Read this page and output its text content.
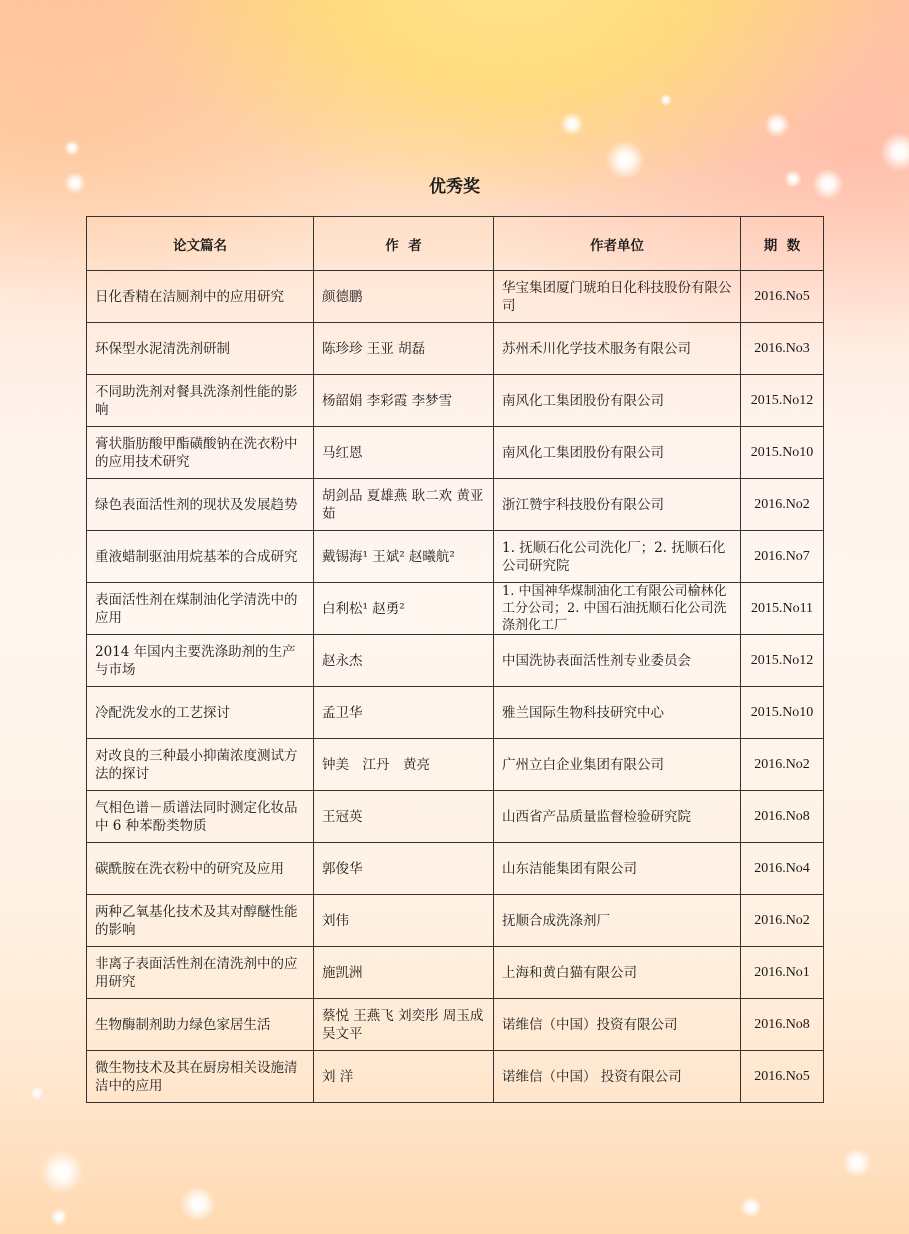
优秀奖
论文篇名	作  者	作者单位	期  数
日化香精在洁厕剂中的应用研究	颜德鹏	华宝集团厦门琥珀日化科技股份有限公司	2016.No5
环保型水泥清洗剂研制	陈珍珍 王亚 胡磊	苏州禾川化学技术服务有限公司	2016.No3
不同助洗剂对餐具洗涤剂性能的影响	杨韶娟 李彩霞 李梦雪	南风化工集团股份有限公司	2015.No12
膏状脂肪酸甲酯磺酸钠在洗衣粉中的应用技术研究	马红恩	南风化工集团股份有限公司	2015.No10
绿色表面活性剂的现状及发展趋势	胡剑品 夏雄燕 耿二欢 黄亚茹	浙江赞宇科技股份有限公司	2016.No2
重液蜡制驱油用烷基苯的合成研究	戴锡海¹ 王斌² 赵曦航²	1. 抚顺石化公司洗化厂；2. 抚顺石化公司研究院	2016.No7
表面活性剂在煤制油化学清洗中的应用	白利松¹ 赵勇²	1. 中国神华煤制油化工有限公司榆林化工分公司；2. 中国石油抚顺石化公司洗涤剂化工厂	2015.No11
2014 年国内主要洗涤助剂的生产与市场	赵永杰	中国洗协表面活性剂专业委员会	2015.No12
冷配洗发水的工艺探讨	孟卫华	雅兰国际生物科技研究中心	2015.No10
对改良的三种最小抑菌浓度测试方法的探讨	钟美　江丹　黄亮	广州立白企业集团有限公司	2016.No2
气相色谱－质谱法同时测定化妆品中 6 种苯酚类物质	王冠英	山西省产品质量监督检验研究院	2016.No8
碳酰胺在洗衣粉中的研究及应用	郭俊华	山东洁能集团有限公司	2016.No4
两种乙氧基化技术及其对醇醚性能的影响	刘伟	抚顺合成洗涤剂厂	2016.No2
非离子表面活性剂在清洗剂中的应用研究	施凯洲	上海和黄白猫有限公司	2016.No1
生物酶制剂助力绿色家居生活	蔡悦 王燕飞 刘奕彤 周玉成 吴文平	诺维信（中国）投资有限公司	2016.No8
微生物技术及其在厨房相关设施清洁中的应用	刘 洋	诺维信（中国） 投资有限公司	2016.No5
